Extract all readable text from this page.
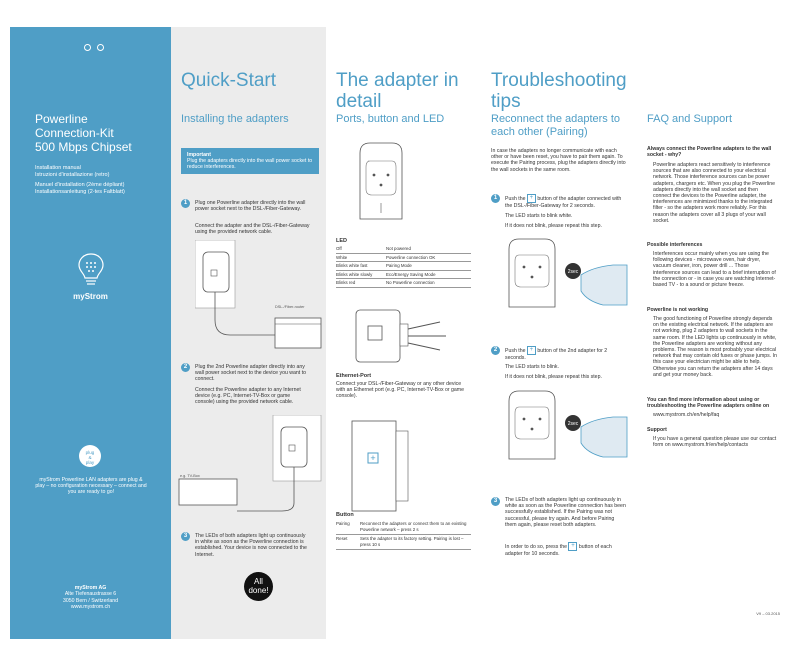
Powerline
Connection-Kit
500 Mbps Chipset
Installation manual
Istruzioni d'installazione (retro)
Manuel d'installation (2ème dépliant)
Installationsanleitung (2-tes Faltblatt)
myStrom
plug
&
play
myStrom Powerline LAN adapters are plug & play – no configuration necessary – connect and you are ready to go!
myStrom AG
Alte Tiefenaustrasse 6
3050 Bern / Switzerland
www.mystrom.ch
Quick-Start
Installing the adapters
Important
Plug the adapters directly into the wall power socket to reduce interferences.
1	Plug one Powerline adapter directly into the wall power socket next to the DSL-/Fiber-Gateway.
Connect the adapter and the DSL-/Fiber-Gateway using the provided network cable.
DSL-/Fiber-router
2	Plug the 2nd Powerline adapter directly into any wall power socket next to the device you want to connect.
Connect the Powerline adapter to any Internet device (e.g. PC, Internet-TV-Box or game console) using the provided network cable.
e.g. TV-Box
3	The LEDs of both adapters light up continuously in white as soon as the Powerline connection is established. Your device is now connected to the Internet.
All
done!
The adapter in
detail
Ports, button and LED
LED
Off	Not powered
White	Powerline connection OK
Blinks white fast	Pairing Mode
Blinks white slowly	Eco/Energy Saving Mode
Blinks red	No Powerline connection
Ethernet-Port
Connect your DSL-/Fiber-Gateway or any other device with an Ethernet port (e.g. PC, Internet-TV-Box or game console).
+
Button
Pairing	Reconnect the adapters or connect them to an existing Powerline network – press 2 s
Reset	Sets the adapter to its factory setting. Pairing is lost – press 10 s
Troubleshooting
tips
Reconnect the adapters to each other (Pairing)
In case the adapters no longer communicate with each other or have been reset, you have to pair them again. To execute the Pairing process, plug the adapters directly into the wall sockets in the same room.
1	Push the + button of the adapter connected with the DSL-/Fiber-Gateway for 2 seconds.
The LED starts to blink white.
If it does not blink, please repeat this step.
2sec
2	Push the + button of the 2nd adapter for 2 seconds.
The LED starts to blink.
If it does not blink, please repeat this step.
2sec
3	The LEDs of both adapters light up continuously in white as soon as the Powerline connection has been successfully established. If the Pairing was not successful, please try again. And before Pairing them again, please reset both adapters.
In order to do so, press the + button of each adapter for 10 seconds.
FAQ and Support
Always connect the Powerline adapters to the wall socket - why?
Powerline adapters react sensitively to interference sources that are also connected to your electrical network. Those interference sources can be power adapters, chargers etc. When you plug the Powerline adapters directly into the wall socket and then connect the devices to the Powerline adapter, the interferences are minimized thanks to the integrated filter - so the adapters work more reliably. For this reason the adapters cover all 3 plugs of your wall socket.
Possible interferences
Interferences occur mainly when you are using the following devices - microwave oven, hair dryer, vacuum cleaner, iron, power drill ... Those interference sources can lead to a brief interruption of the connection or - in case you are watching Internet-based TV - to a sound or picture freeze.
Powerline is not working
The good functioning of Powerline strongly depends on the existing electrical network. If the adapters are not working, plug 2 adapters to wall sockets in the same room. If the LED lights up continuously in white, the Powerline adapters are working without any problems. The reason is most probably your electrical network that may contain old fuses or phase jumps. In this case your electrician might be able to help. Otherwise you can return the adapters after 14 days and get your money back.
You can find more information about using or troubleshooting the Powerline adapters online on
www.mystrom.ch/en/help/faq
Support
If you have a general question please use our contact form on www.mystrom.fr/en/help/contacts
V9 – 03.2015
